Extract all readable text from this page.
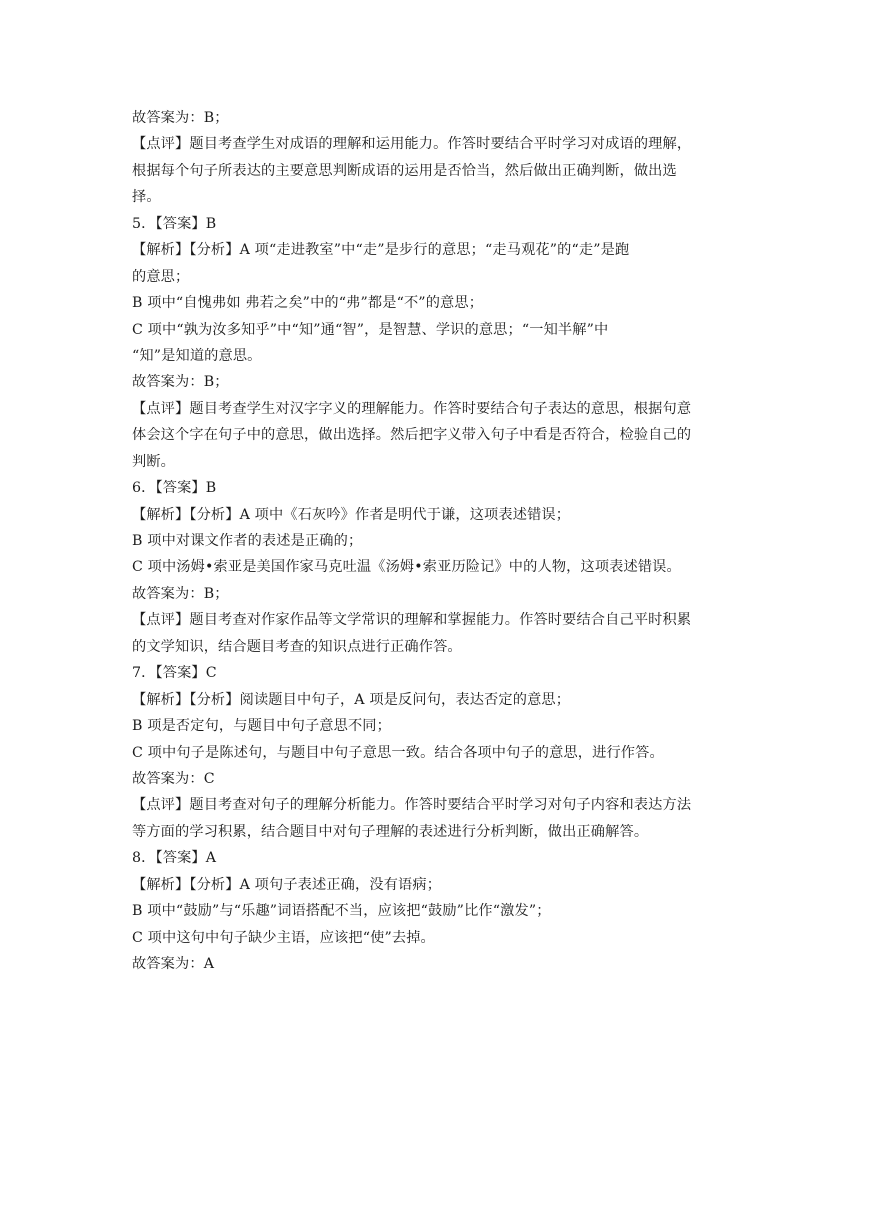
故答案为：B；
【点评】题目考查学生对成语的理解和运用能力。作答时要结合平时学习对成语的理解，
根据每个句子所表达的主要意思判断成语的运用是否恰当，然后做出正确判断，做出选
择。
5．【答案】B
【解析】【分析】A 项“走进教室”中“走”是步行的意思；“走马观花”的“走”是跑
的意思；
B 项中“自愧弗如 弗若之矣”中的“弗”都是“不”的意思；
C 项中“孰为汝多知乎”中“知”通“智”，是智慧、学识的意思；“一知半解”中
“知”是知道的意思。
故答案为：B；
【点评】题目考查学生对汉字字义的理解能力。作答时要结合句子表达的意思，根据句意
体会这个字在句子中的意思，做出选择。然后把字义带入句子中看是否符合，检验自己的
判断。
6．【答案】B
【解析】【分析】A 项中《石灰吟》作者是明代于谦，这项表述错误；
B 项中对课文作者的表述是正确的；
C 项中汤姆•索亚是美国作家马克吐温《汤姆•索亚历险记》中的人物，这项表述错误。
故答案为：B；
【点评】题目考查对作家作品等文学常识的理解和掌握能力。作答时要结合自己平时积累
的文学知识，结合题目考查的知识点进行正确作答。
7．【答案】C
【解析】【分析】阅读题目中句子，A 项是反问句，表达否定的意思；
B 项是否定句，与题目中句子意思不同；
C 项中句子是陈述句，与题目中句子意思一致。结合各项中句子的意思，进行作答。
故答案为：C
【点评】题目考查对句子的理解分析能力。作答时要结合平时学习对句子内容和表达方法
等方面的学习积累，结合题目中对句子理解的表述进行分析判断，做出正确解答。
8．【答案】A
【解析】【分析】A 项句子表述正确，没有语病；
B 项中“鼓励”与“乐趣”词语搭配不当，应该把“鼓励”比作“激发”；
C 项中这句中句子缺少主语，应该把“使”去掉。
故答案为：A
